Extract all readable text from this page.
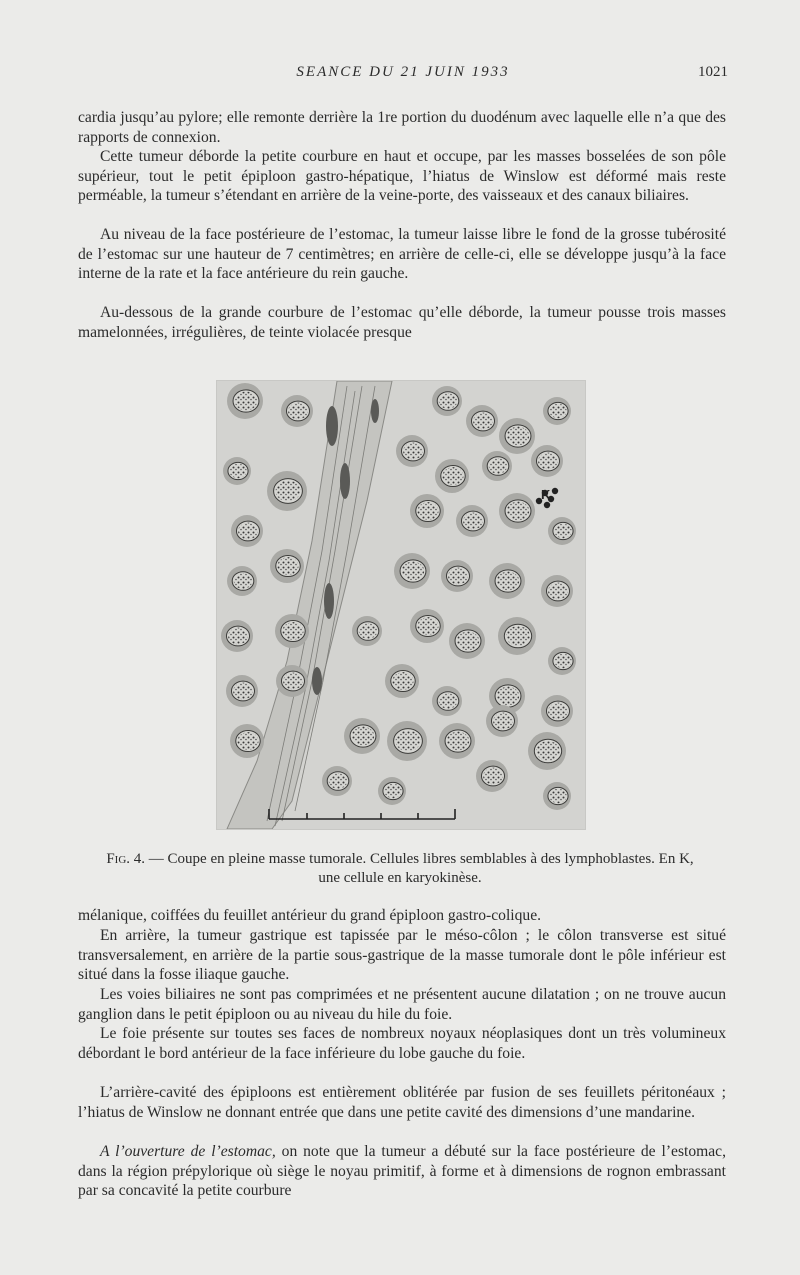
SEANCE DU 21 JUIN 1933	1021

cardia jusqu’au pylore; elle remonte derrière la 1re portion du duodénum avec laquelle elle n’a que des rapports de connexion.

Cette tumeur déborde la petite courbure en haut et occupe, par les masses bosselées de son pôle supérieur, tout le petit épiploon gastro-hépatique, l’hiatus de Winslow est déformé mais reste perméable, la tumeur s’étendant en arrière de la veine-porte, des vaisseaux et des canaux biliaires.

Au niveau de la face postérieure de l’estomac, la tumeur laisse libre le fond de la grosse tubérosité de l’estomac sur une hauteur de 7 centimètres; en arrière de celle-ci, elle se développe jusqu’à la face interne de la rate et la face antérieure du rein gauche.

Au-dessous de la grande courbure de l’estomac qu’elle déborde, la tumeur pousse trois masses mamelonnées, irrégulières, de teinte violacée presque

K
Fig. 4. — Coupe en pleine masse tumorale. Cellules libres semblables à des lymphoblastes. En K, une cellule en karyokinèse.

mélanique, coiffées du feuillet antérieur du grand épiploon gastro-colique.

En arrière, la tumeur gastrique est tapissée par le méso-côlon ; le côlon transverse est situé transversalement, en arrière de la partie sous-gastrique de la masse tumorale dont le pôle inférieur est situé dans la fosse iliaque gauche.

Les voies biliaires ne sont pas comprimées et ne présentent aucune dilatation ; on ne trouve aucun ganglion dans le petit épiploon ou au niveau du hile du foie.

Le foie présente sur toutes ses faces de nombreux noyaux néoplasiques dont un très volumineux débordant le bord antérieur de la face inférieure du lobe gauche du foie.

L’arrière-cavité des épiploons est entièrement oblitérée par fusion de ses feuillets péritonéaux ; l’hiatus de Winslow ne donnant entrée que dans une petite cavité des dimensions d’une mandarine.

A l’ouverture de l’estomac, on note que la tumeur a débuté sur la face postérieure de l’estomac, dans la région prépylorique où siège le noyau primitif, à forme et à dimensions de rognon embrassant par sa concavité la petite courbure
